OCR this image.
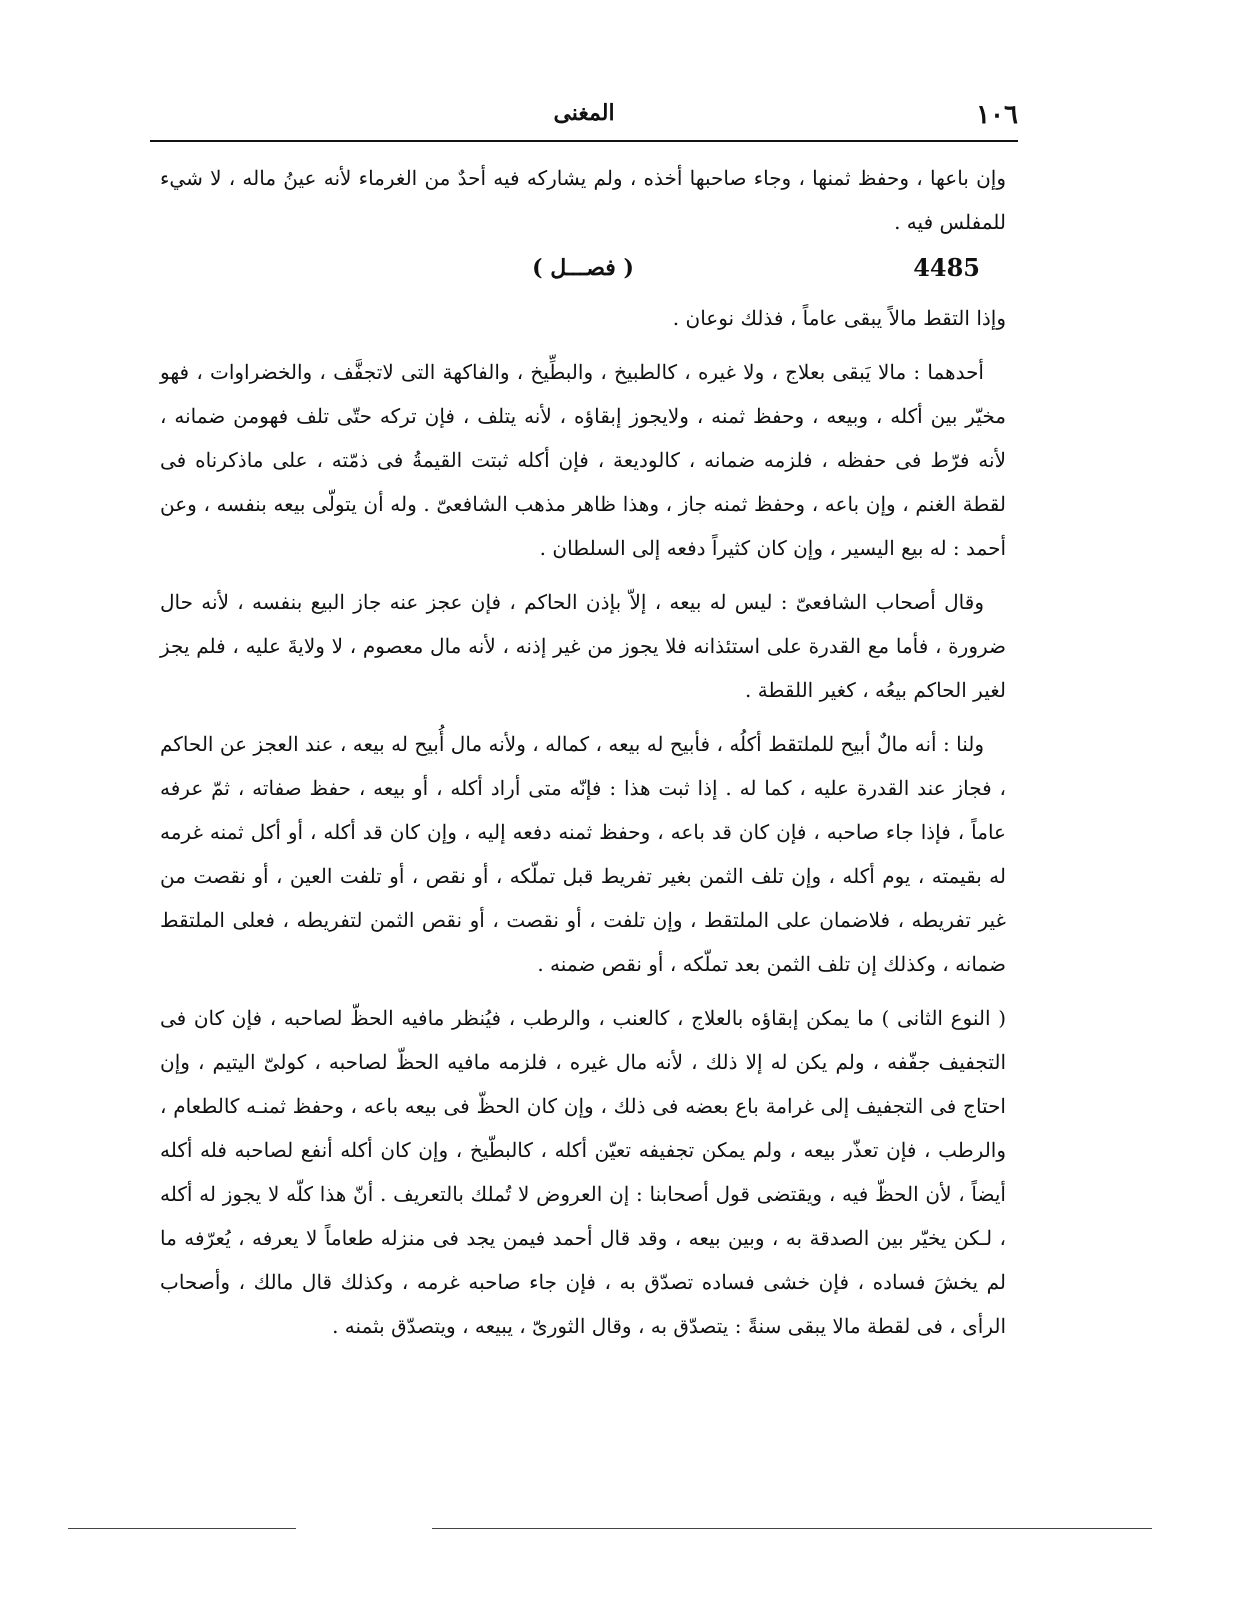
١٠٦
المغنى

وإن باعها ، وحفظ ثمنها ، وجاء صاحبها أخذه ، ولم يشاركه فيه أحدٌ من الغرماء لأنه عينُ ماله ، لا شيء للمفلس فيه .

4485
( فصـــل )

وإذا التقط مالاً يبقى عاماً ، فذلك نوعان .

أحدهما : مالا يَبقى بعلاج ، ولا غيره ، كالطبيخ ، والبطِّيخ ، والفاكهة التى لاتجفَّف ، والخضراوات ، فهو مخيّر بين أكله ، وبيعه ، وحفظ ثمنه ، ولايجوز إبقاؤه ، لأنه يتلف ، فإن تركه حتّى تلف فهومن ضمانه ، لأنه فرّط فى حفظه ، فلزمه ضمانه ، كالوديعة ، فإن أكله ثبتت القيمةُ فى ذمّته ، على ماذكرناه فى لقطة الغنم ، وإن باعه ، وحفظ ثمنه جاز ، وهذا ظاهر مذهب الشافعىّ . وله أن يتولّى بيعه بنفسه ، وعن أحمد : له بيع اليسير ، وإن كان كثيراً دفعه إلى السلطان .

وقال أصحاب الشافعىّ : ليس له بيعه ، إلاّ بإذن الحاكم ، فإن عجز عنه جاز البيع بنفسه ، لأنه حال ضرورة ، فأما مع القدرة على استئذانه فلا يجوز من غير إذنه ، لأنه مال معصوم ، لا ولايةَ عليه ، فلم يجز لغير الحاكم بيعُه ، كغير اللقطة .

ولنا : أنه مالٌ أبيح للملتقط أكلُه ، فأبيح له بيعه ، كماله ، ولأنه مال أُبيح له بيعه ، عند العجز عن الحاكم ، فجاز عند القدرة عليه ، كما له . إذا ثبت هذا : فإنّه متى أراد أكله ، أو بيعه ، حفظ صفاته ، ثمّ عرفه عاماً ، فإذا جاء صاحبه ، فإن كان قد باعه ، وحفظ ثمنه دفعه إليه ، وإن كان قد أكله ، أو أكل ثمنه غرمه له بقيمته ، يوم أكله ، وإن تلف الثمن بغير تفريط قبل تملّكه ، أو نقص ، أو تلفت العين ، أو نقصت من غير تفريطه ، فلاضمان على الملتقط ، وإن تلفت ، أو نقصت ، أو نقص الثمن لتفريطه ، فعلى الملتقط ضمانه ، وكذلك إن تلف الثمن بعد تملّكه ، أو نقص ضمنه .

( النوع الثانى ) ما يمكن إبقاؤه بالعلاج ، كالعنب ، والرطب ، فيُنظر مافيه الحظّ لصاحبه ، فإن كان فى التجفيف جفّفه ، ولم يكن له إلا ذلك ، لأنه مال غيره ، فلزمه مافيه الحظّ لصاحبه ، كولىّ اليتيم ، وإن احتاج فى التجفيف إلى غرامة باع بعضه فى ذلك ، وإن كان الحظّ فى بيعه باعه ، وحفظ ثمنـه كالطعام ، والرطب ، فإن تعذّر بيعه ، ولم يمكن تجفيفه تعيّن أكله ، كالبطّيخ ، وإن كان أكله أنفع لصاحبه فله أكله أيضاً ، لأن الحظّ فيه ، ويقتضى قول أصحابنا : إن العروض لا تُملك بالتعريف . أنّ هذا كلّه لا يجوز له أكله ، لـكن يخيّر بين الصدقة به ، وبين بيعه ، وقد قال أحمد فيمن يجد فى منزله طعاماً لا يعرفه ، يُعرّفه ما لم يخشَ فساده ، فإن خشى فساده تصدّق به ، فإن جاء صاحبه غرمه ، وكذلك قال مالك ، وأصحاب الرأى ، فى لقطة مالا يبقى سنةً : يتصدّق به ، وقال الثورىّ ، يبيعه ، ويتصدّق بثمنه .
